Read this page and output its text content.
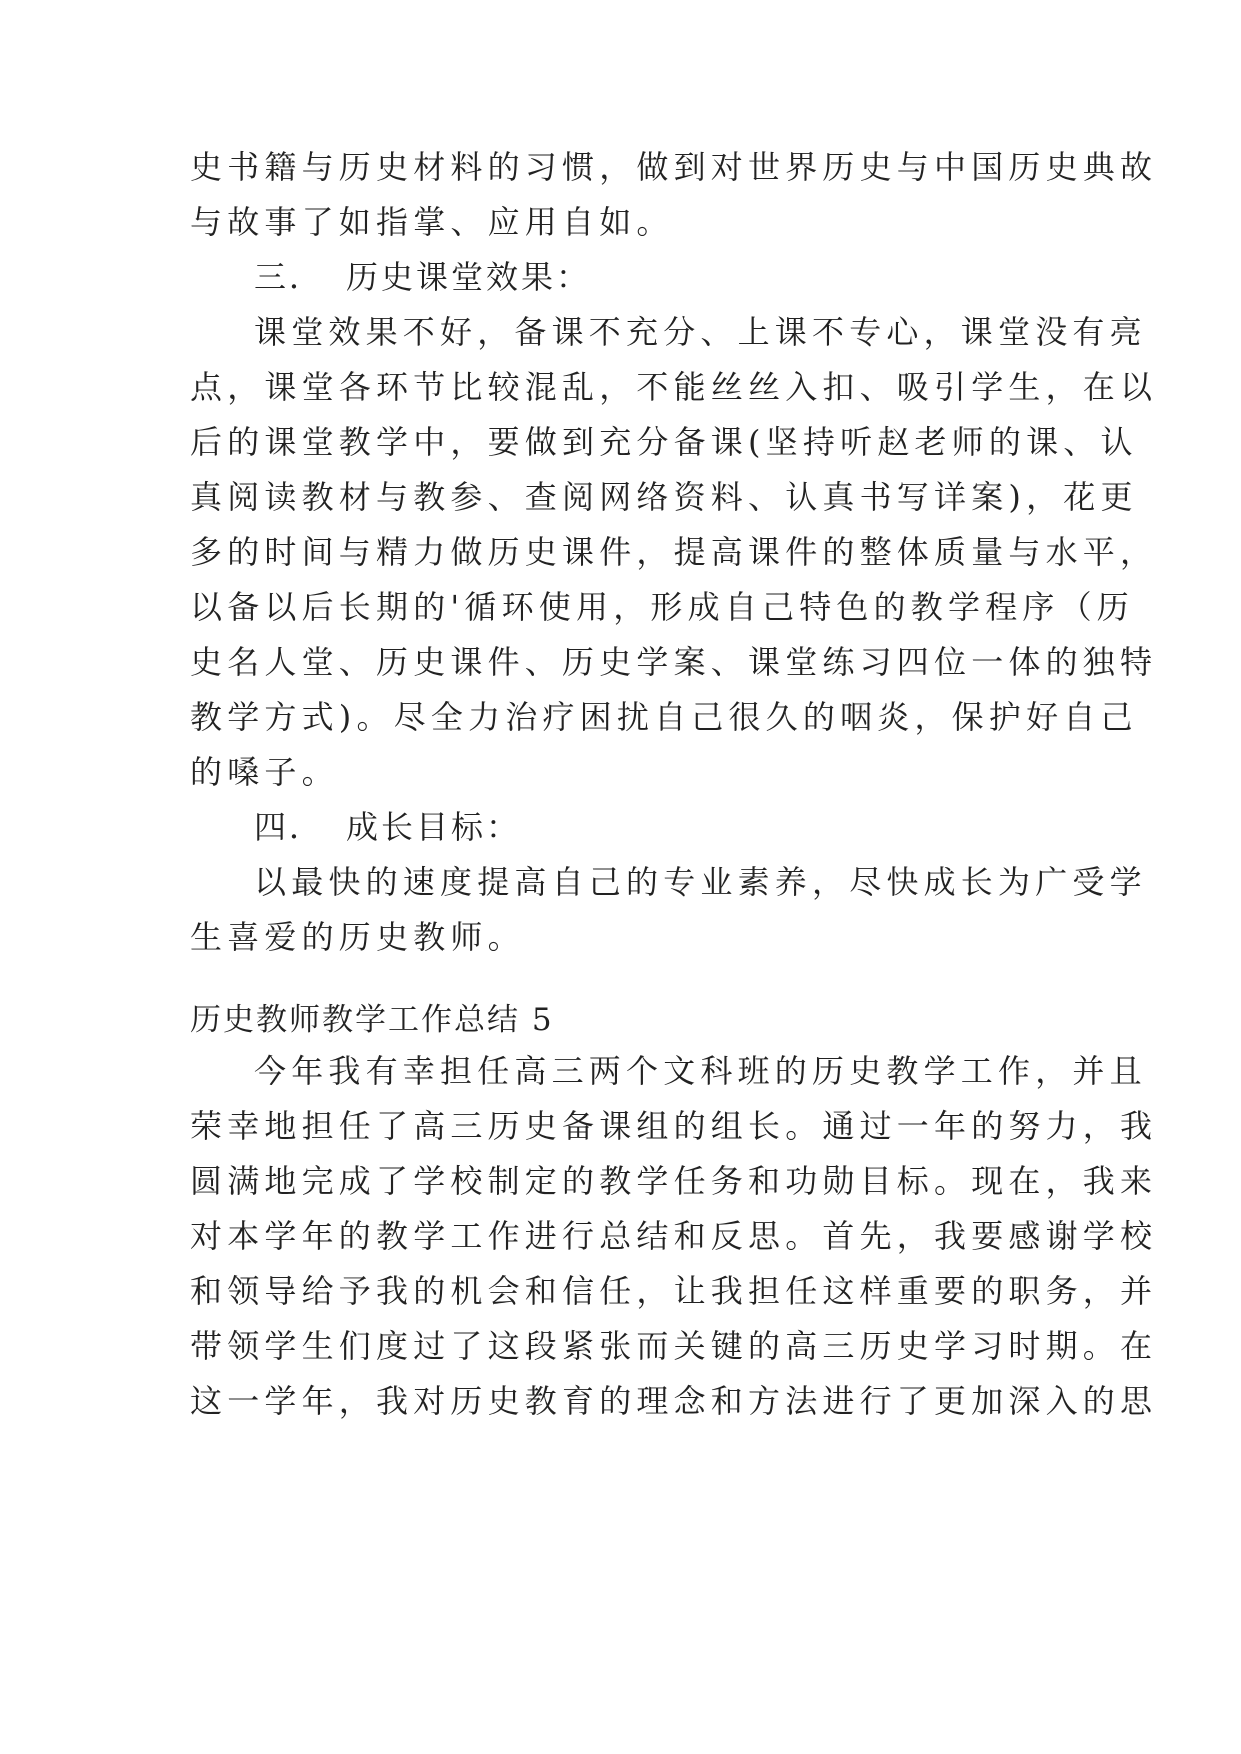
史书籍与历史材料的习惯，做到对世界历史与中国历史典故

与故事了如指掌、应用自如。

三． 历史课堂效果：

课堂效果不好，备课不充分、上课不专心，课堂没有亮

点，课堂各环节比较混乱，不能丝丝入扣、吸引学生，在以

后的课堂教学中，要做到充分备课(坚持听赵老师的课、认

真阅读教材与教参、查阅网络资料、认真书写详案)，花更

多的时间与精力做历史课件，提高课件的整体质量与水平，

以备以后长期的'循环使用，形成自己特色的教学程序（历

史名人堂、历史课件、历史学案、课堂练习四位一体的独特

教学方式)。尽全力治疗困扰自己很久的咽炎，保护好自己

的嗓子。

四． 成长目标：

以最快的速度提高自己的专业素养，尽快成长为广受学

生喜爱的历史教师。

历史教师教学工作总结 5

今年我有幸担任高三两个文科班的历史教学工作，并且

荣幸地担任了高三历史备课组的组长。通过一年的努力，我

圆满地完成了学校制定的教学任务和功勋目标。现在，我来

对本学年的教学工作进行总结和反思。首先，我要感谢学校

和领导给予我的机会和信任，让我担任这样重要的职务，并

带领学生们度过了这段紧张而关键的高三历史学习时期。在

这一学年，我对历史教育的理念和方法进行了更加深入的思
